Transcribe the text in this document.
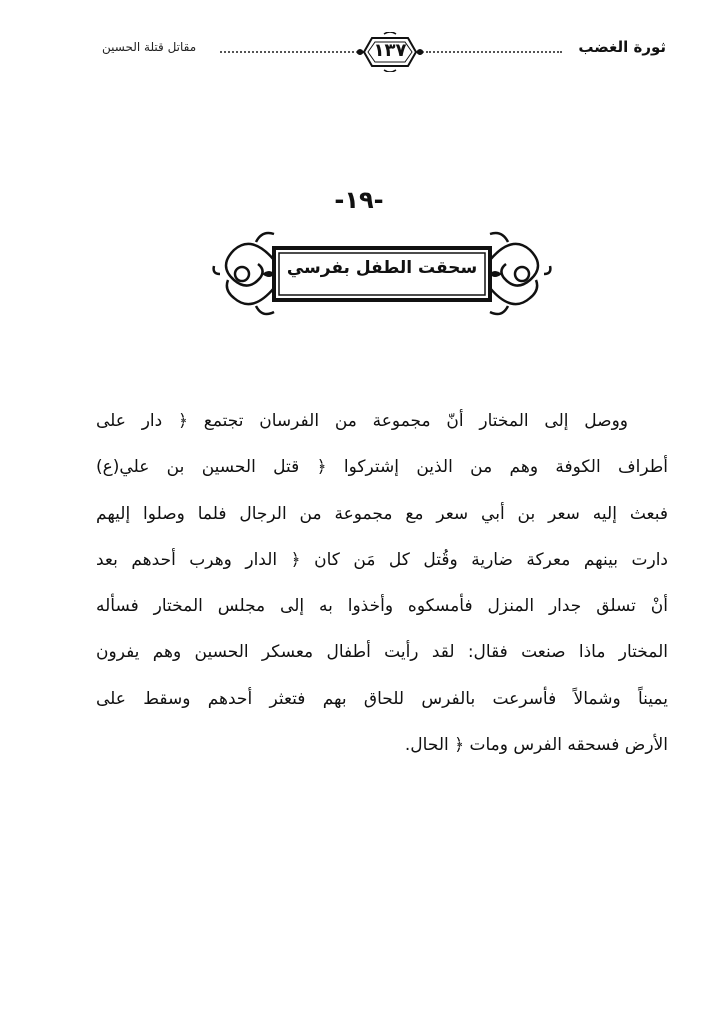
مقاتل قتلة الحسين	١٣٧	ثورة الغضب
-١٩-
سحقت الطفل بفرسي
ووصل إلى المختار أنّ مجموعة من الفرسان تجتمع ﴿ دار على
أطراف الكوفة وهم من الذين إشتركوا ﴿ قتل الحسين بن علي(ع)
فبعث إليه سعر بن أبي سعر مع مجموعة من الرجال فلما وصلوا إليهم
دارت بينهم معركة ضارية وقُتل كل مَن كان ﴿ الدار وهرب أحدهم بعد
أنْ تسلق جدار المنزل فأمسكوه وأخذوا به إلى مجلس المختار فسأله
المختار ماذا صنعت فقال: لقد رأيت أطفال معسكر الحسين وهم يفرون
يميناً وشمالاً فأسرعت بالفرس للحاق بهم فتعثر أحدهم وسقط على
الأرض فسحقه الفرس ومات ﴿ الحال.
